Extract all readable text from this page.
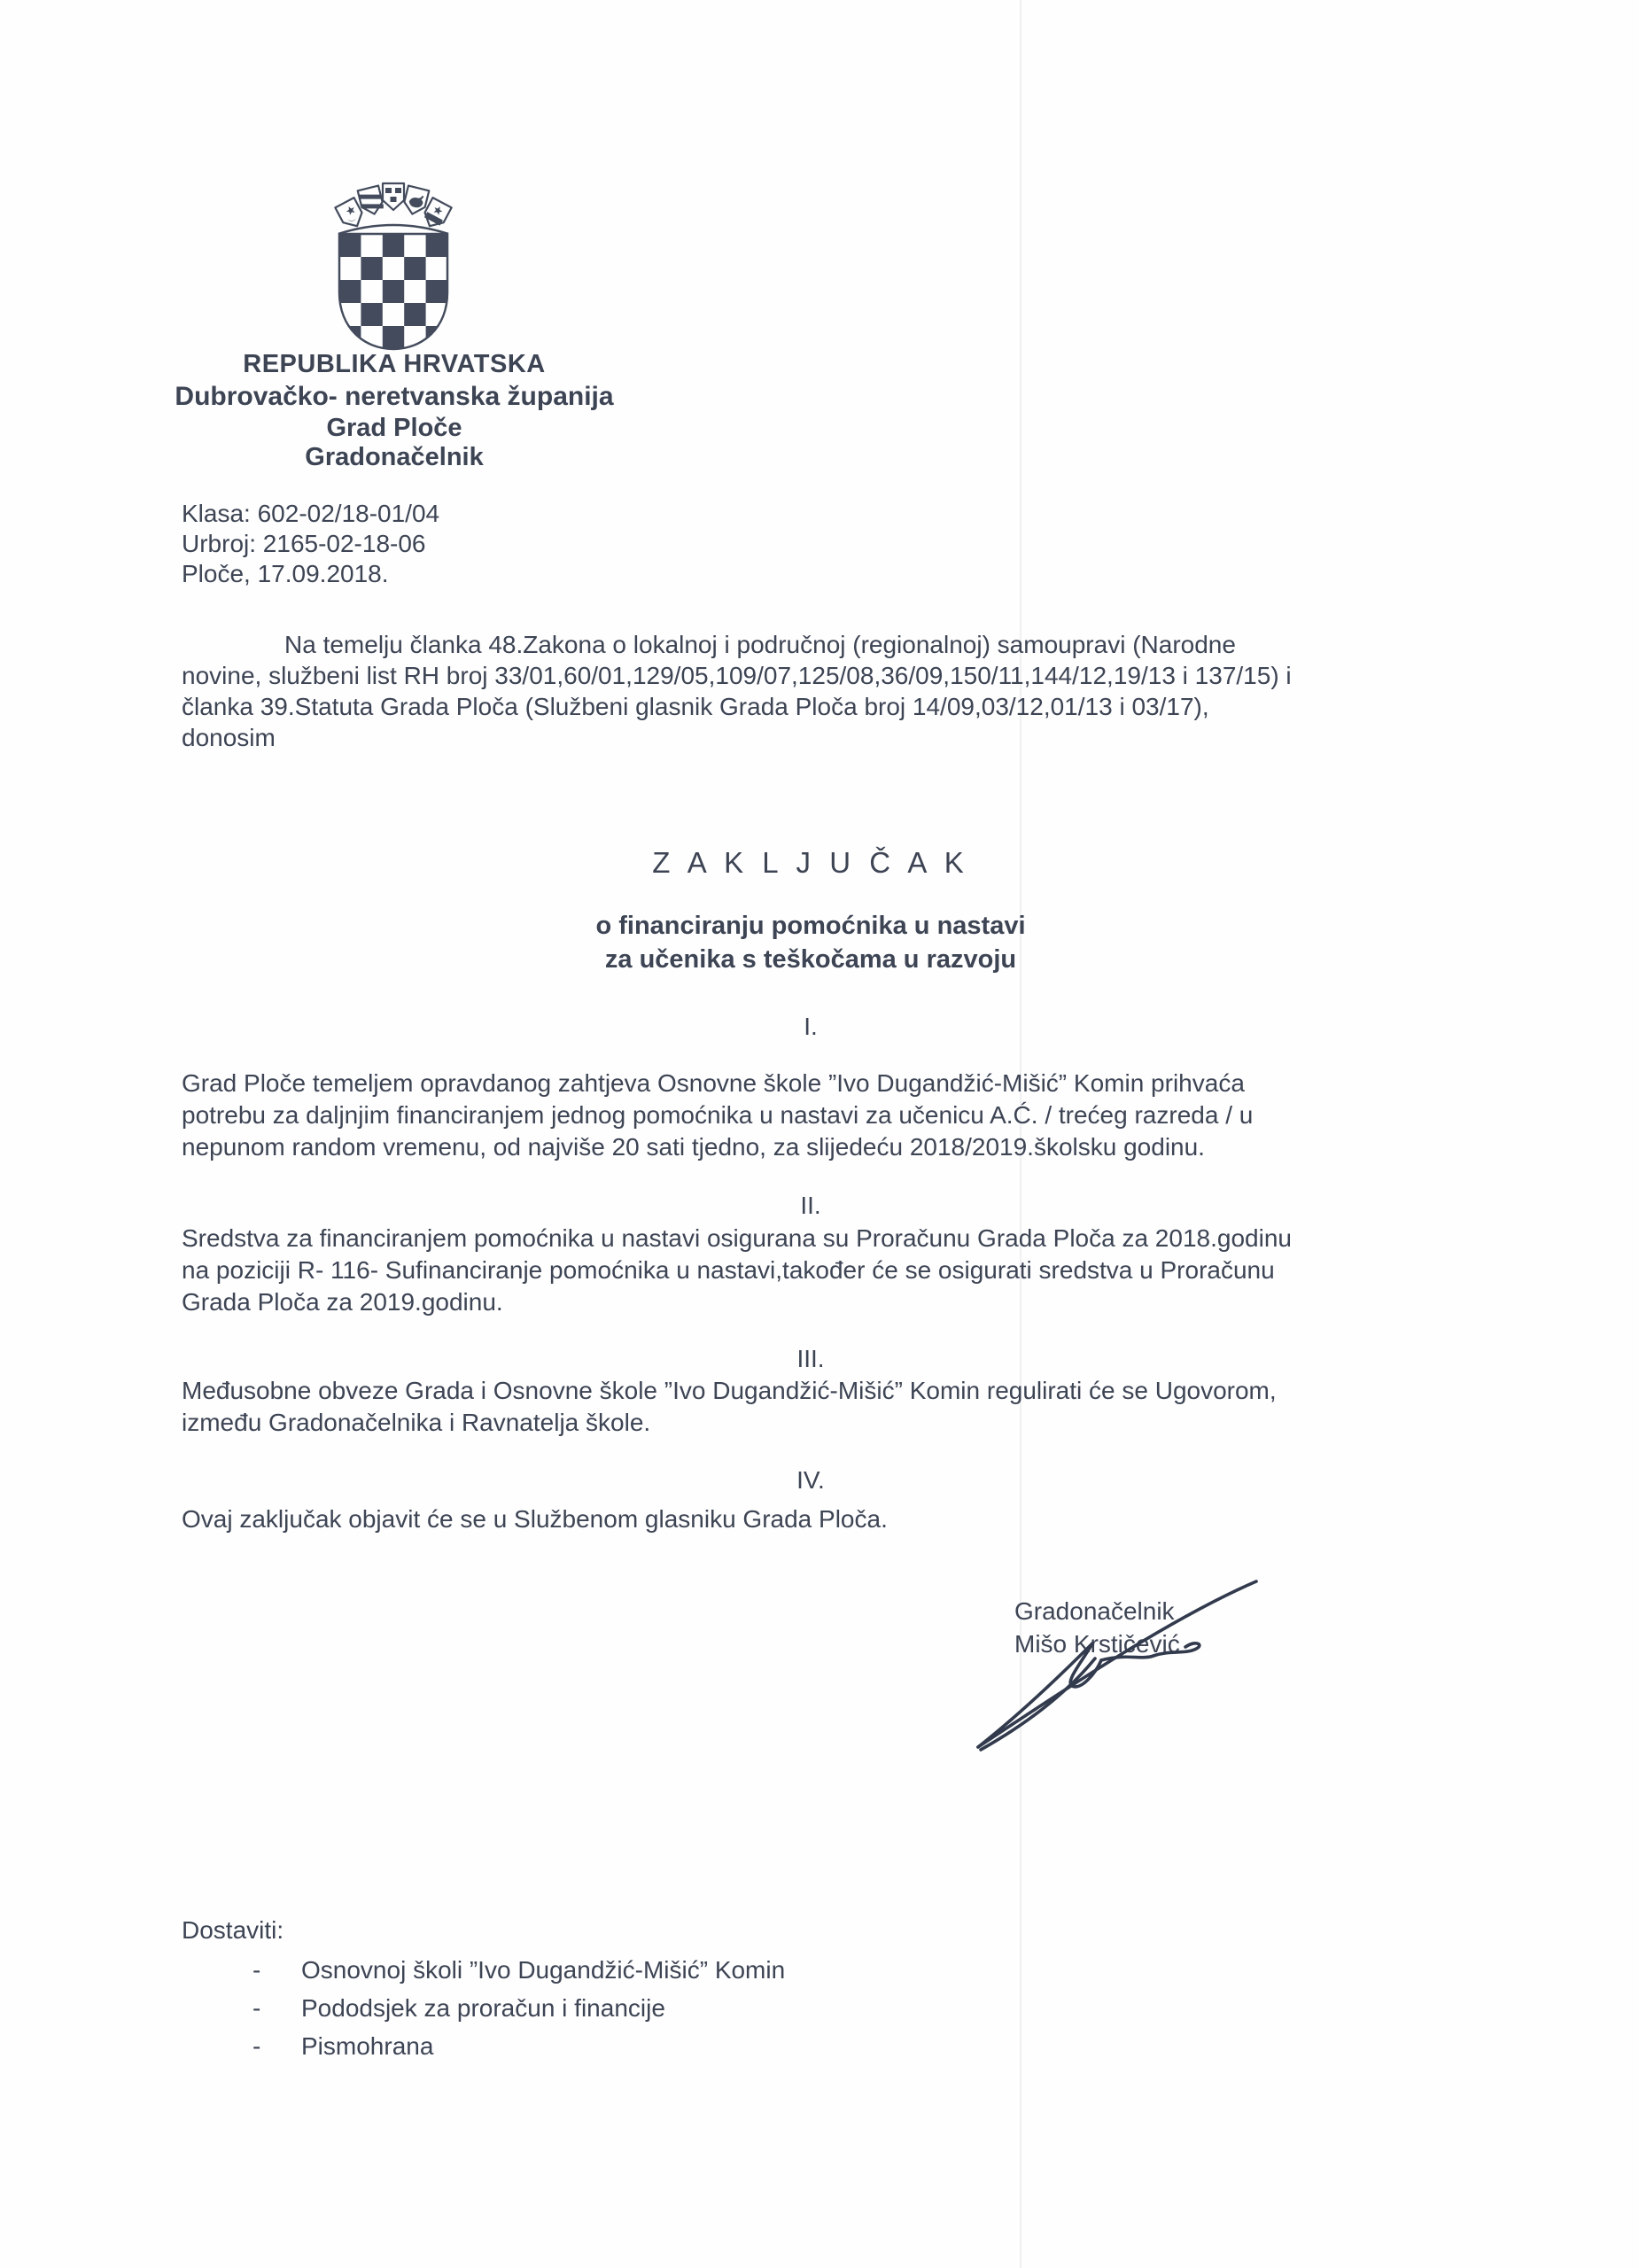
REPUBLIKA HRVATSKA
Dubrovačko- neretvanska županija
Grad Ploče
Gradonačelnik
Klasa: 602-02/18-01/04
Urbroj: 2165-02-18-06
Ploče, 17.09.2018.
Na temelju članka 48.Zakona o lokalnoj i područnoj (regionalnoj) samoupravi (Narodne
novine, službeni list RH broj 33/01,60/01,129/05,109/07,125/08,36/09,150/11,144/12,19/13 i 137/15) i
članka 39.Statuta Grada Ploča (Službeni glasnik Grada Ploča broj 14/09,03/12,01/13 i 03/17),
donosim
Z A K L J U Č A K
o financiranju pomoćnika u nastavi
za učenika s teškočama u razvoju
I.
Grad Ploče temeljem opravdanog zahtjeva Osnovne škole ”Ivo Dugandžić-Mišić” Komin prihvaća
potrebu za daljnjim financiranjem jednog pomoćnika u nastavi za učenicu A.Ć. / trećeg razreda / u
nepunom random vremenu, od najviše 20 sati tjedno, za slijedeću 2018/2019.školsku godinu.
II.
Sredstva za financiranjem pomoćnika u nastavi osigurana su Proračunu Grada Ploča za 2018.godinu
na poziciji R- 116- Sufinanciranje pomoćnika u nastavi,također će se osigurati sredstva u Proračunu
Grada Ploča za 2019.godinu.
III.
Međusobne obveze Grada i Osnovne škole ”Ivo Dugandžić-Mišić” Komin regulirati će se Ugovorom,
između Gradonačelnika i Ravnatelja škole.
IV.
Ovaj zaključak objavit će se u Službenom glasniku Grada Ploča.
Gradonačelnik
Mišo Krstičević
Dostaviti:
-	Osnovnoj školi ”Ivo Dugandžić-Mišić” Komin
-	Pododsjek za proračun i financije
-	Pismohrana
